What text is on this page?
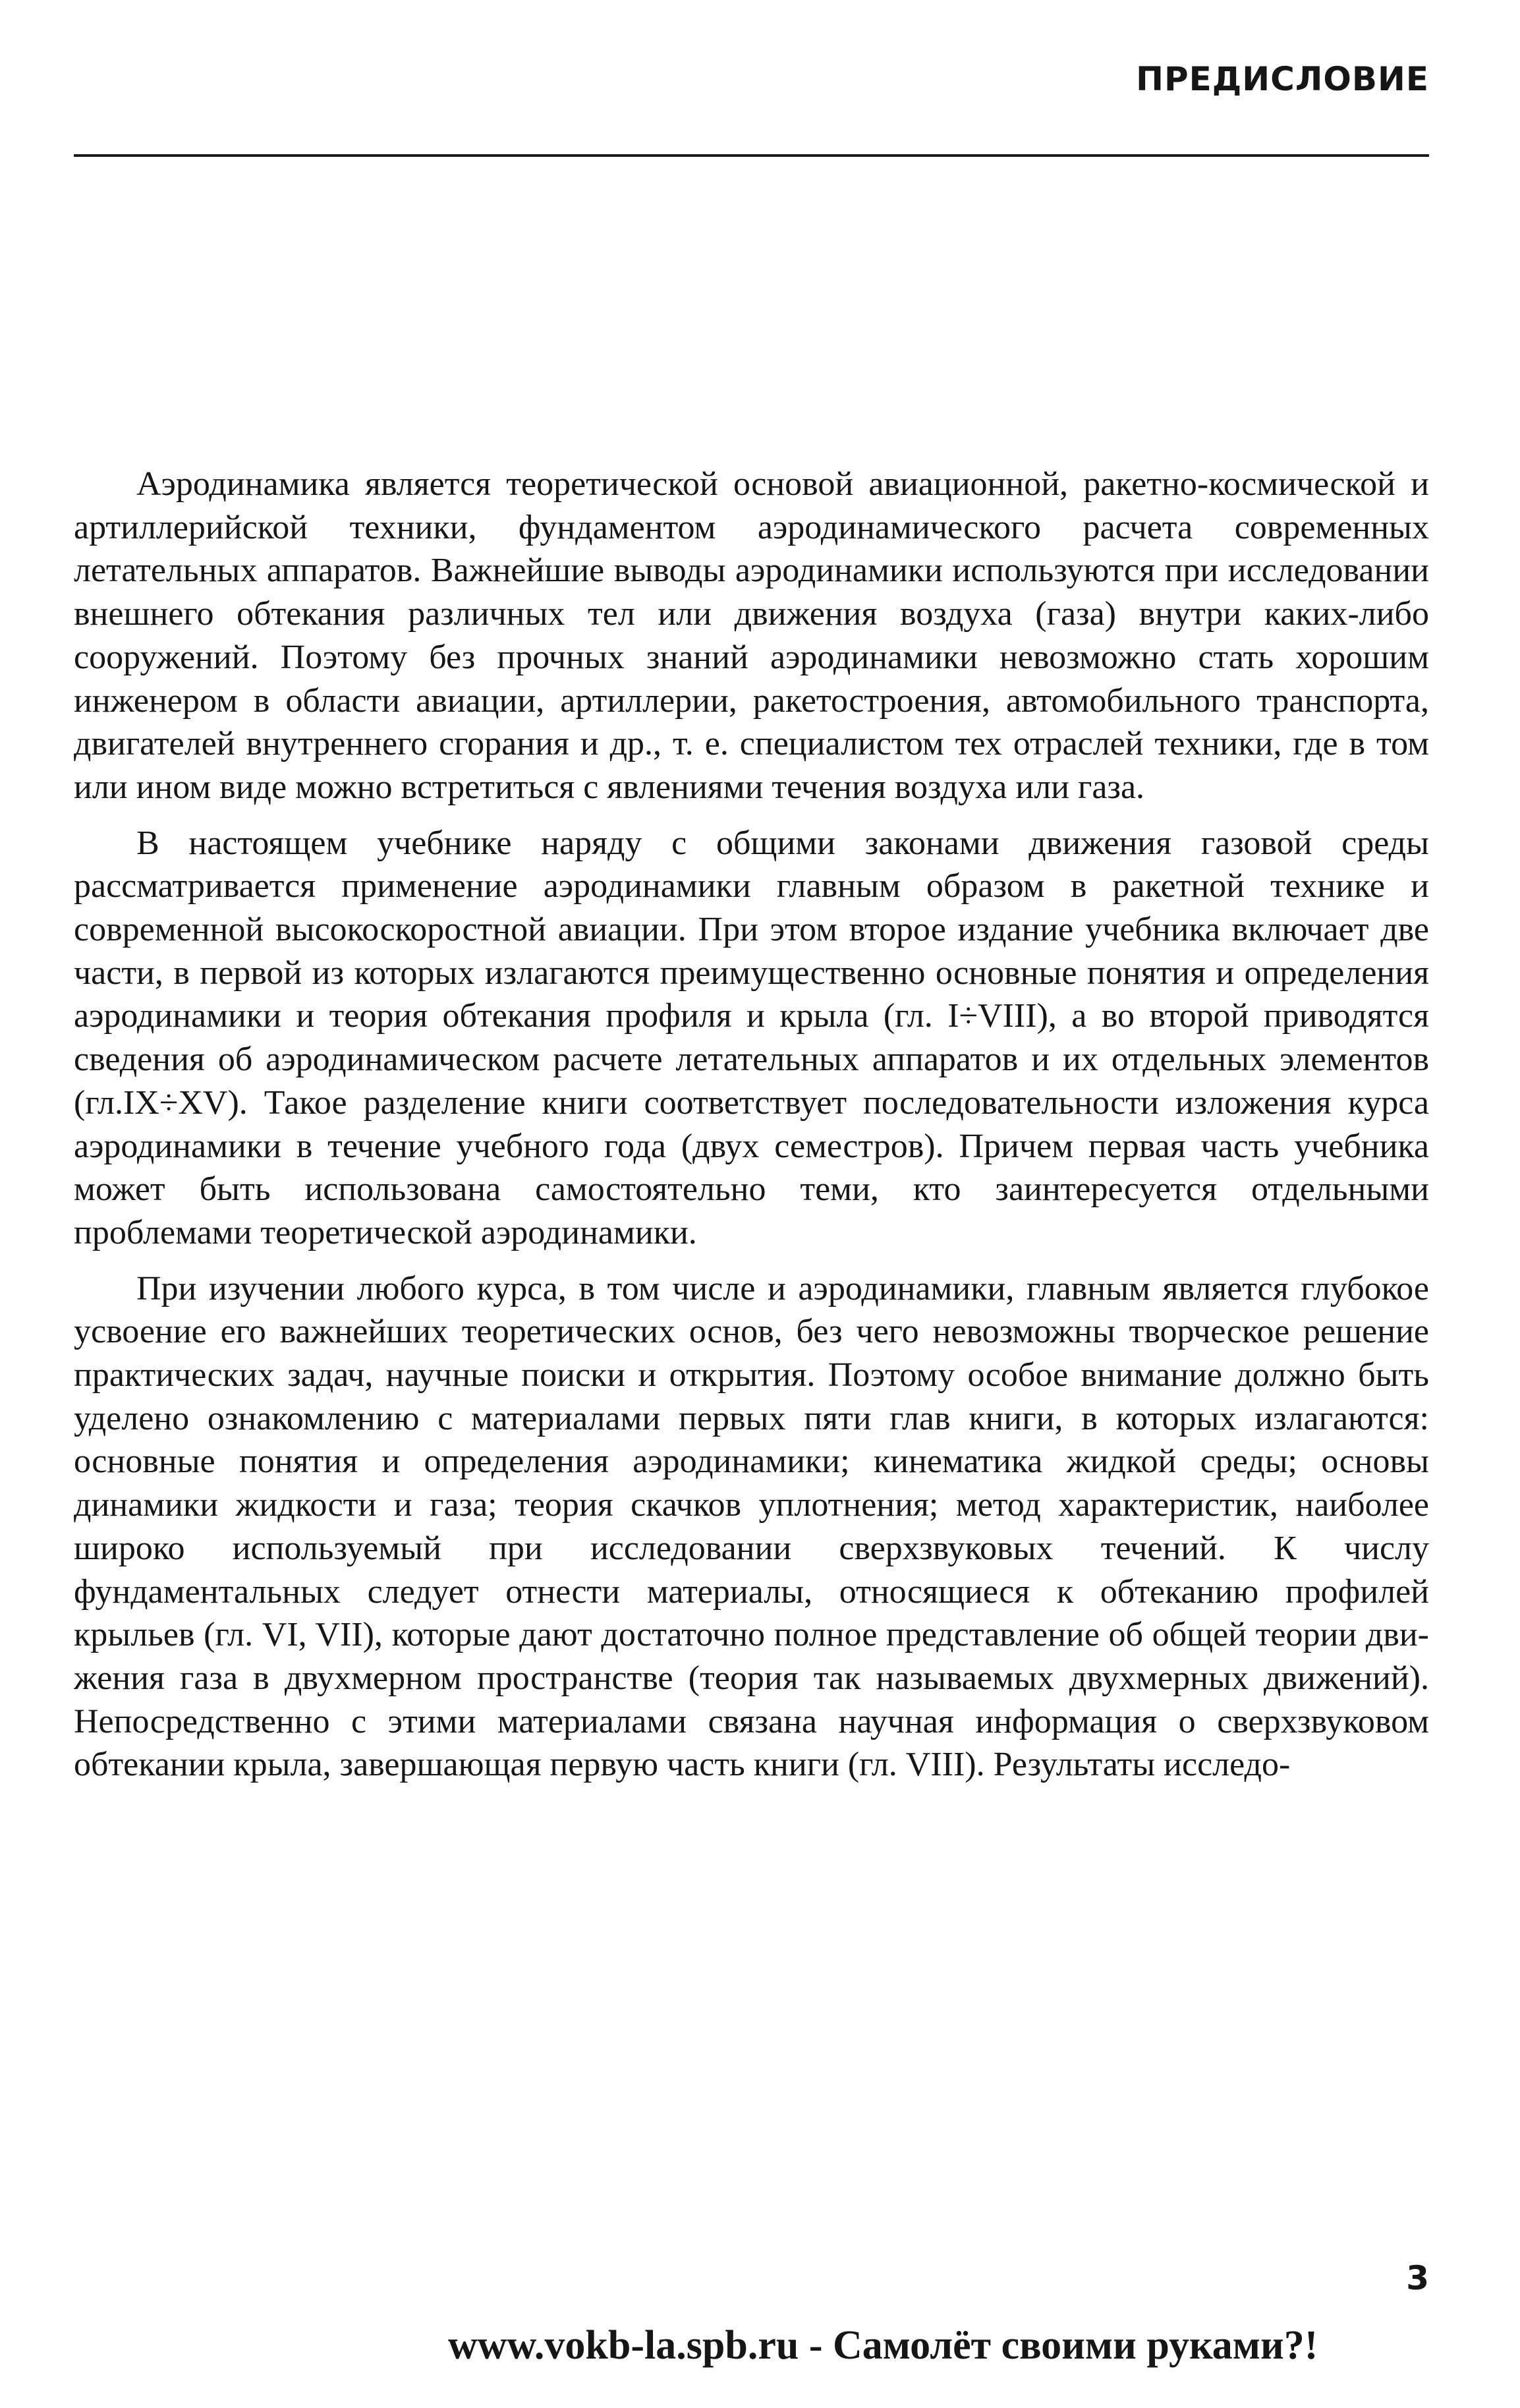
ПРЕДИСЛОВИЕ

Аэродинамика является теоретической основой авиационной, ракетно-космической и артиллерийской техники, фундаментом аэродинамического расчета современных летательных аппаратов. Важнейшие выводы аэродинамики используются при исследовании внешнего обтекания различных тел или движения воздуха (газа) внутри каких-либо сооружений. Поэтому без прочных знаний аэродинамики невозможно стать хорошим инженером в области авиации, артиллерии, ракетостроения, автомобильного транспорта, двигателей внутреннего сгорания и др., т. е. специалистом тех отраслей техники, где в том или ином виде можно встретиться с явлениями течения воздуха или газа.

В настоящем учебнике наряду с общими законами движения газовой среды рассматривается применение аэродинамики главным образом в ракетной технике и современной высокоскоростной авиации. При этом второе издание учебника включает две части, в первой из которых излагаются преимущественно основные понятия и определения аэродинамики и теория обтекания профиля и крыла (гл. I÷VIII), а во второй приводятся сведения об аэродинамическом расчете летательных аппаратов и их отдельных элементов (гл.IX÷XV). Такое разделение книги соответствует последовательности изложения курса аэродинамики в течение учебного года (двух семестров). Причем первая часть учебника может быть использована самостоятельно теми, кто заинтересуется отдельными проблемами теоретической аэродинамики.

При изучении любого курса, в том числе и аэродинамики, главным является глубокое усвоение его важнейших теоретических основ, без чего невозможны творческое решение практических задач, научные поиски и открытия. Поэтому особое внимание должно быть уделено ознакомлению с материалами первых пяти глав книги, в которых излагаются: основные понятия и определения аэродинамики; кинематика жидкой среды; основы динамики жидкости и газа; теория скачков уплотнения; метод характеристик, наиболее широко используемый при исследовании сверхзвуковых течений. К числу фундаментальных следует отнести материалы, относящиеся к обтеканию профилей крыльев (гл. VI, VII), которые дают достаточно полное представление об общей теории движения газа в двухмерном пространстве (теория так называемых двухмерных движений). Непосредственно с этими материалами связана научная информация о сверхзвуковом обтекании крыла, завершающая первую часть книги (гл. VIII). Результаты исследо-

3
www.vokb-la.spb.ru - Самолёт своими руками?!
